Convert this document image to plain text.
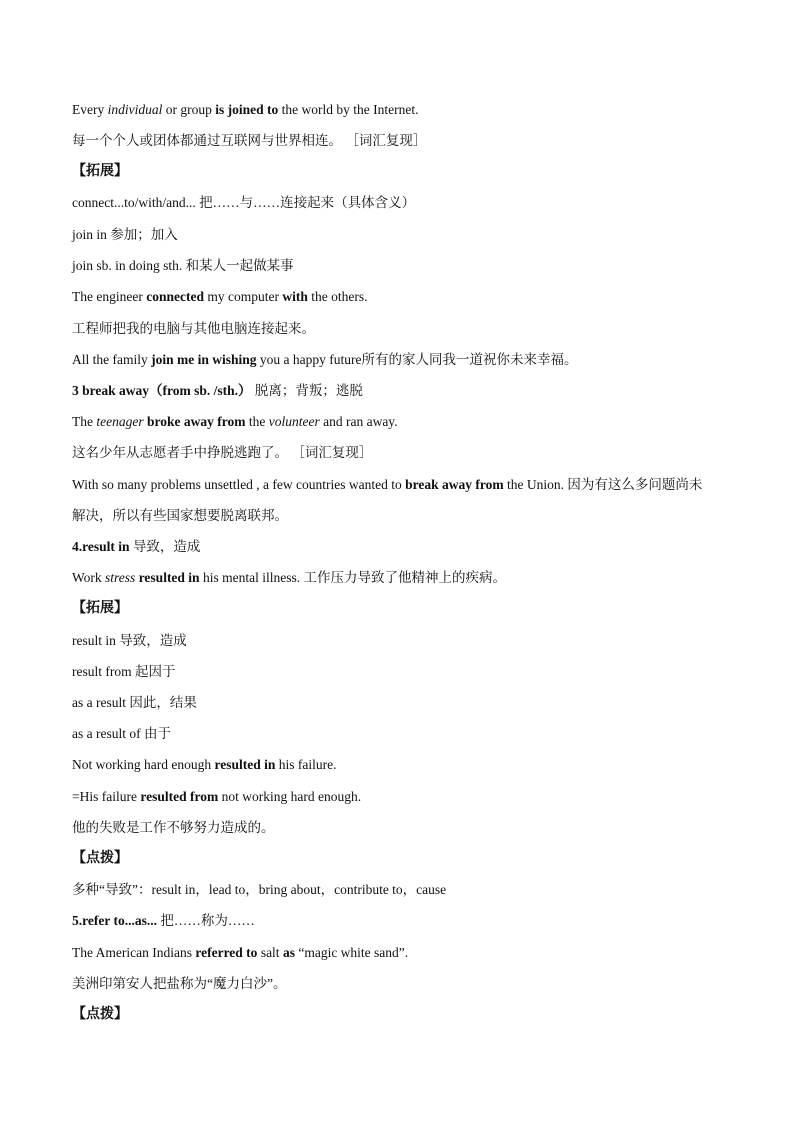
Every individual or group is joined to the world by the Internet.
每一个个人或团体都通过互联网与世界相连。 ［词汇复现］
【拓展】
connect...to/with/and... 把……与……连接起来（具体含义）
join in 参加；加入
join sb. in doing sth. 和某人一起做某事
The engineer connected my computer with the others.
工程师把我的电脑与其他电脑连接起来。
All the family join me in wishing you a happy future所有的家人同我一道祝你未来幸福。
3 break away（from sb. /sth.） 脱离；背叛；逃脱
The teenager broke away from the volunteer and ran away.
这名少年从志愿者手中挣脱逃跑了。 ［词汇复现］
With so many problems unsettled , a few countries wanted to break away from the Union. 因为有这么多问题尚未
解决，所以有些国家想要脱离联邦。
4.result in 导致，造成
Work stress resulted in his mental illness. 工作压力导致了他精神上的疾病。
【拓展】
result in 导致，造成
result from 起因于
as a result 因此，结果
as a result of 由于
Not working hard enough resulted in his failure.
=His failure resulted from not working hard enough.
他的失败是工作不够努力造成的。
【点拨】
多种“导致”：result in，lead to，bring about，contribute to，cause
5.refer to...as... 把……称为……
The American Indians referred to salt as “magic white sand”.
美洲印第安人把盐称为“魔力白沙”。
【点拨】
